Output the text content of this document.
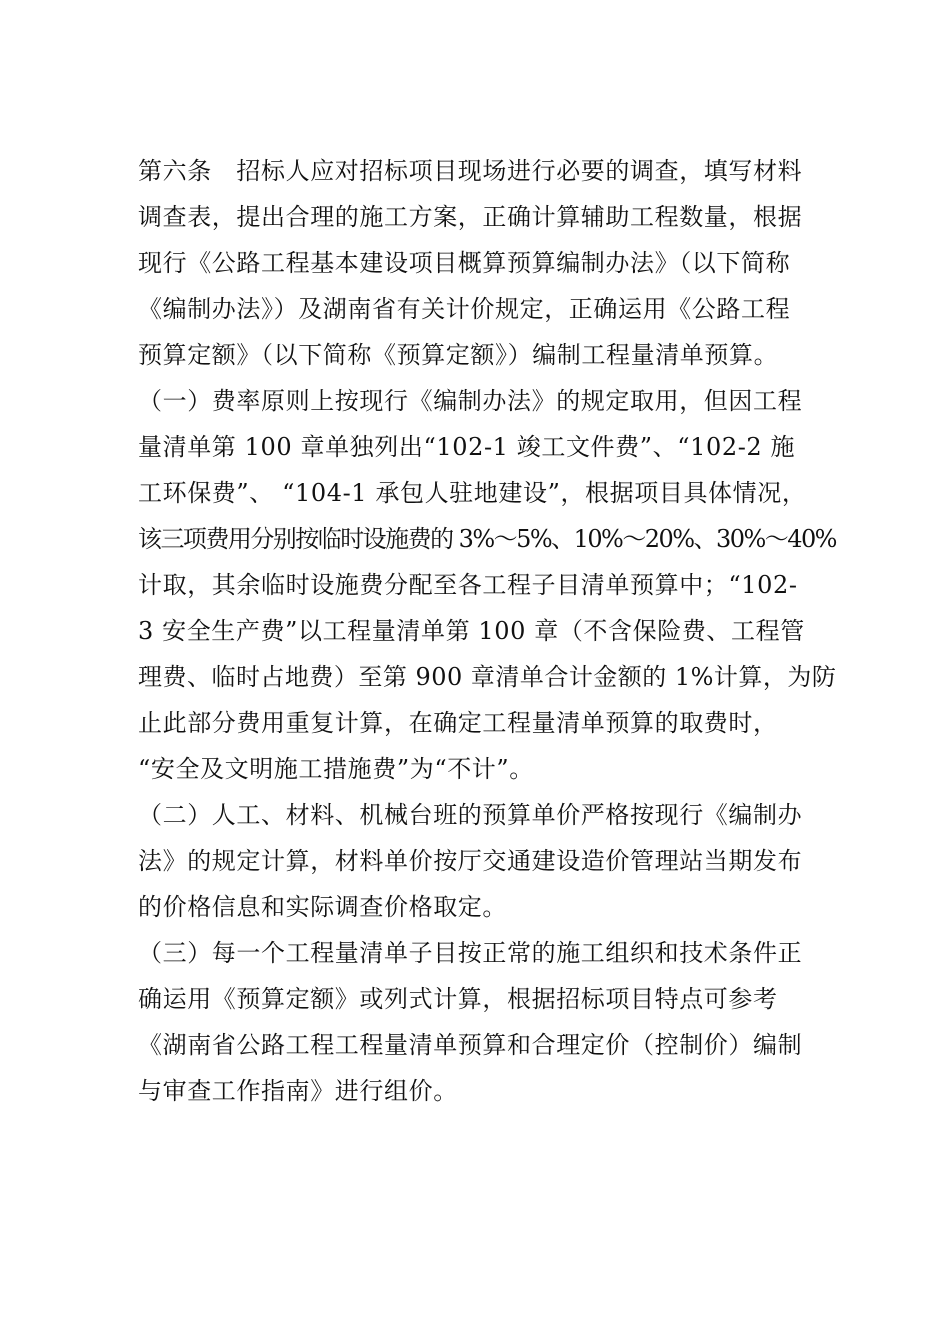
第六条　招标人应对招标项目现场进行必要的调查，填写材料
调查表，提出合理的施工方案，正确计算辅助工程数量，根据
现行《公路工程基本建设项目概算预算编制办法》（以下简称
《编制办法》）及湖南省有关计价规定，正确运用《公路工程
预算定额》（以下简称《预算定额》）编制工程量清单预算。
（一）费率原则上按现行《编制办法》的规定取用，但因工程
量清单第 100 章单独列出“102-1 竣工文件费”、“102-2 施
工环保费”、 “104-1 承包人驻地建设”，根据项目具体情况，
该三项费用分别按临时设施费的 3%～5%、10%～20%、30%～40%
计取，其余临时设施费分配至各工程子目清单预算中；“102-
3 安全生产费”以工程量清单第 100 章（不含保险费、工程管
理费、临时占地费）至第 900 章清单合计金额的 1%计算，为防
止此部分费用重复计算，在确定工程量清单预算的取费时，
“安全及文明施工措施费”为“不计”。
（二）人工、材料、机械台班的预算单价严格按现行《编制办
法》的规定计算，材料单价按厅交通建设造价管理站当期发布
的价格信息和实际调查价格取定。
（三）每一个工程量清单子目按正常的施工组织和技术条件正
确运用《预算定额》或列式计算，根据招标项目特点可参考
《湖南省公路工程工程量清单预算和合理定价（控制价）编制
与审查工作指南》进行组价。
